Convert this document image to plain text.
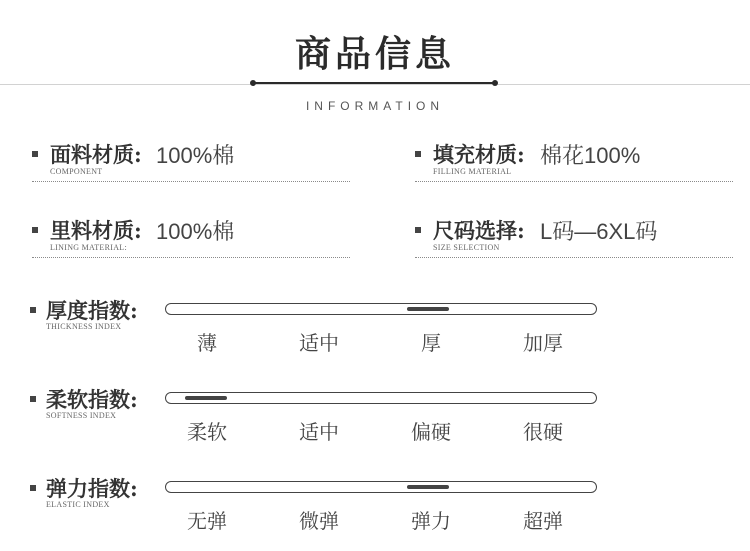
商品信息
INFORMATION
面料材质: 100%棉
COMPONENT
填充材质: 棉花100%
FILLING MATERIAL
里料材质: 100%棉
LINING MATERIAL:
尺码选择: L码—6XL码
SIZE SELECTION
厚度指数:
THICKNESS INDEX
薄	适中	厚	加厚
柔软指数:
SOFTNESS INDEX
柔软	适中	偏硬	很硬
弹力指数:
ELASTIC INDEX
无弹	微弹	弹力	超弹
